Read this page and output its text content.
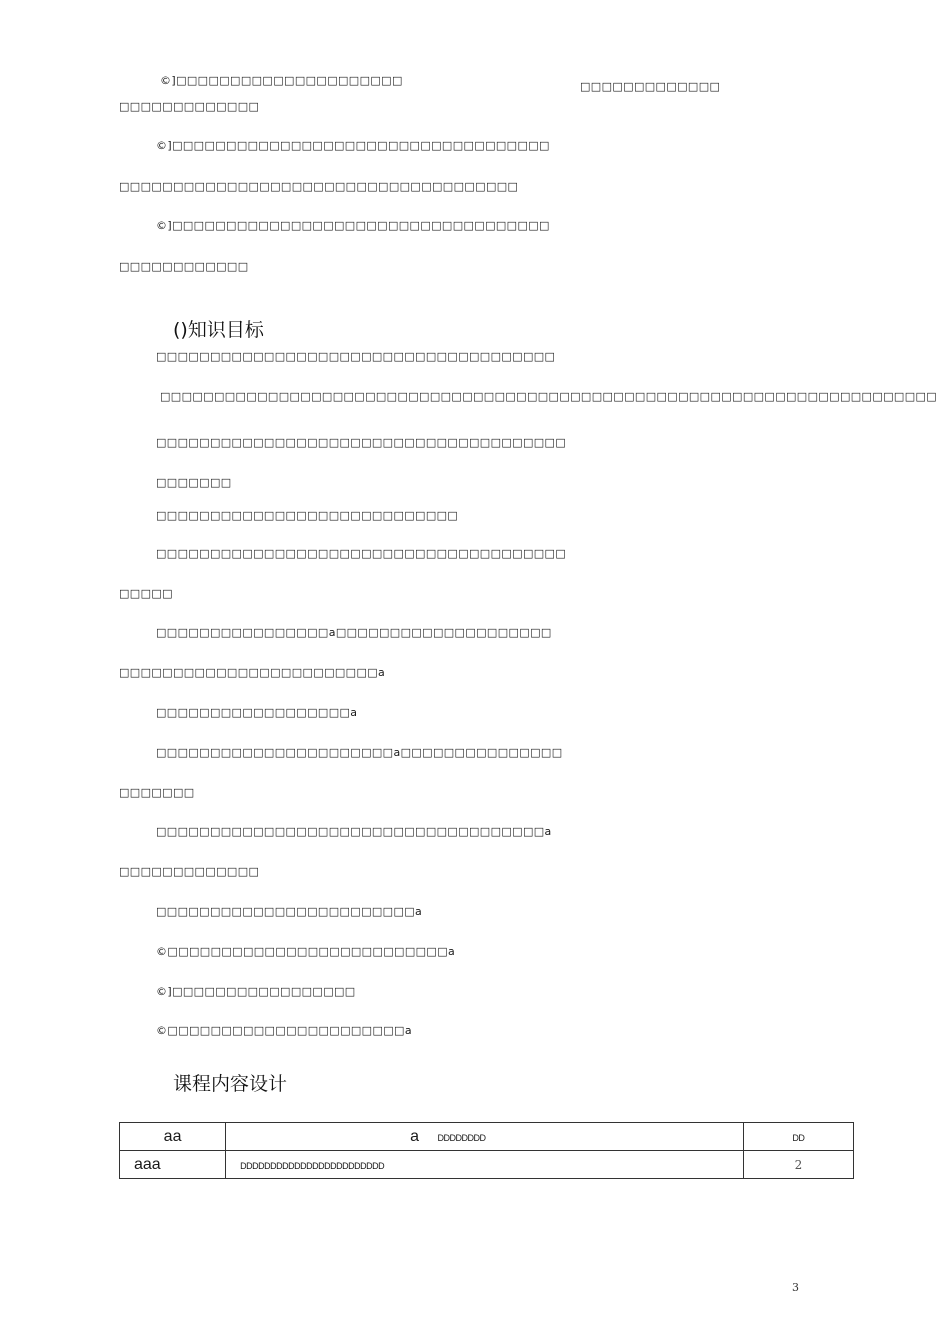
©]□□□□□□□□□□□□□□□□□□□□□	□□□□□□□□□□□□□
□□□□□□□□□□□□□
©]□□□□□□□□□□□□□□□□□□□□□□□□□□□□□□□□□□□
□□□□□□□□□□□□□□□□□□□□□□□□□□□□□□□□□□□□□
©]□□□□□□□□□□□□□□□□□□□□□□□□□□□□□□□□□□□
□□□□□□□□□□□□
()知识目标
□□□□□□□□□□□□□□□□□□□□□□□□□□□□□□□□□□□□□
□□□□□□□□□□□□□□□□□□□□□□□□□□□□□□□□□□□□□□□□□□□□□□□□□□□□□□□□□□□□□□□□□□□□□□□□
□□□□□□□□□□□□□□□□□□□□□□□□□□□□□□□□□□□□□□
□□□□□□□
□□□□□□□□□□□□□□□□□□□□□□□□□□□□
□□□□□□□□□□□□□□□□□□□□□□□□□□□□□□□□□□□□□□
□□□□□
□□□□□□□□□□□□□□□□a□□□□□□□□□□□□□□□□□□□□
□□□□□□□□□□□□□□□□□□□□□□□□a
□□□□□□□□□□□□□□□□□□a
□□□□□□□□□□□□□□□□□□□□□□a□□□□□□□□□□□□□□□
□□□□□□□
□□□□□□□□□□□□□□□□□□□□□□□□□□□□□□□□□□□□a
□□□□□□□□□□□□□
□□□□□□□□□□□□□□□□□□□□□□□□a
©□□□□□□□□□□□□□□□□□□□□□□□□□□a
©]□□□□□□□□□□□□□□□□□
©□□□□□□□□□□□□□□□□□□□□□□a
课程内容设计
aa	a DDDDDDDD	DD
aaa	DDDDDDDDDDDDDDDDDDDDDDDD	2
3
